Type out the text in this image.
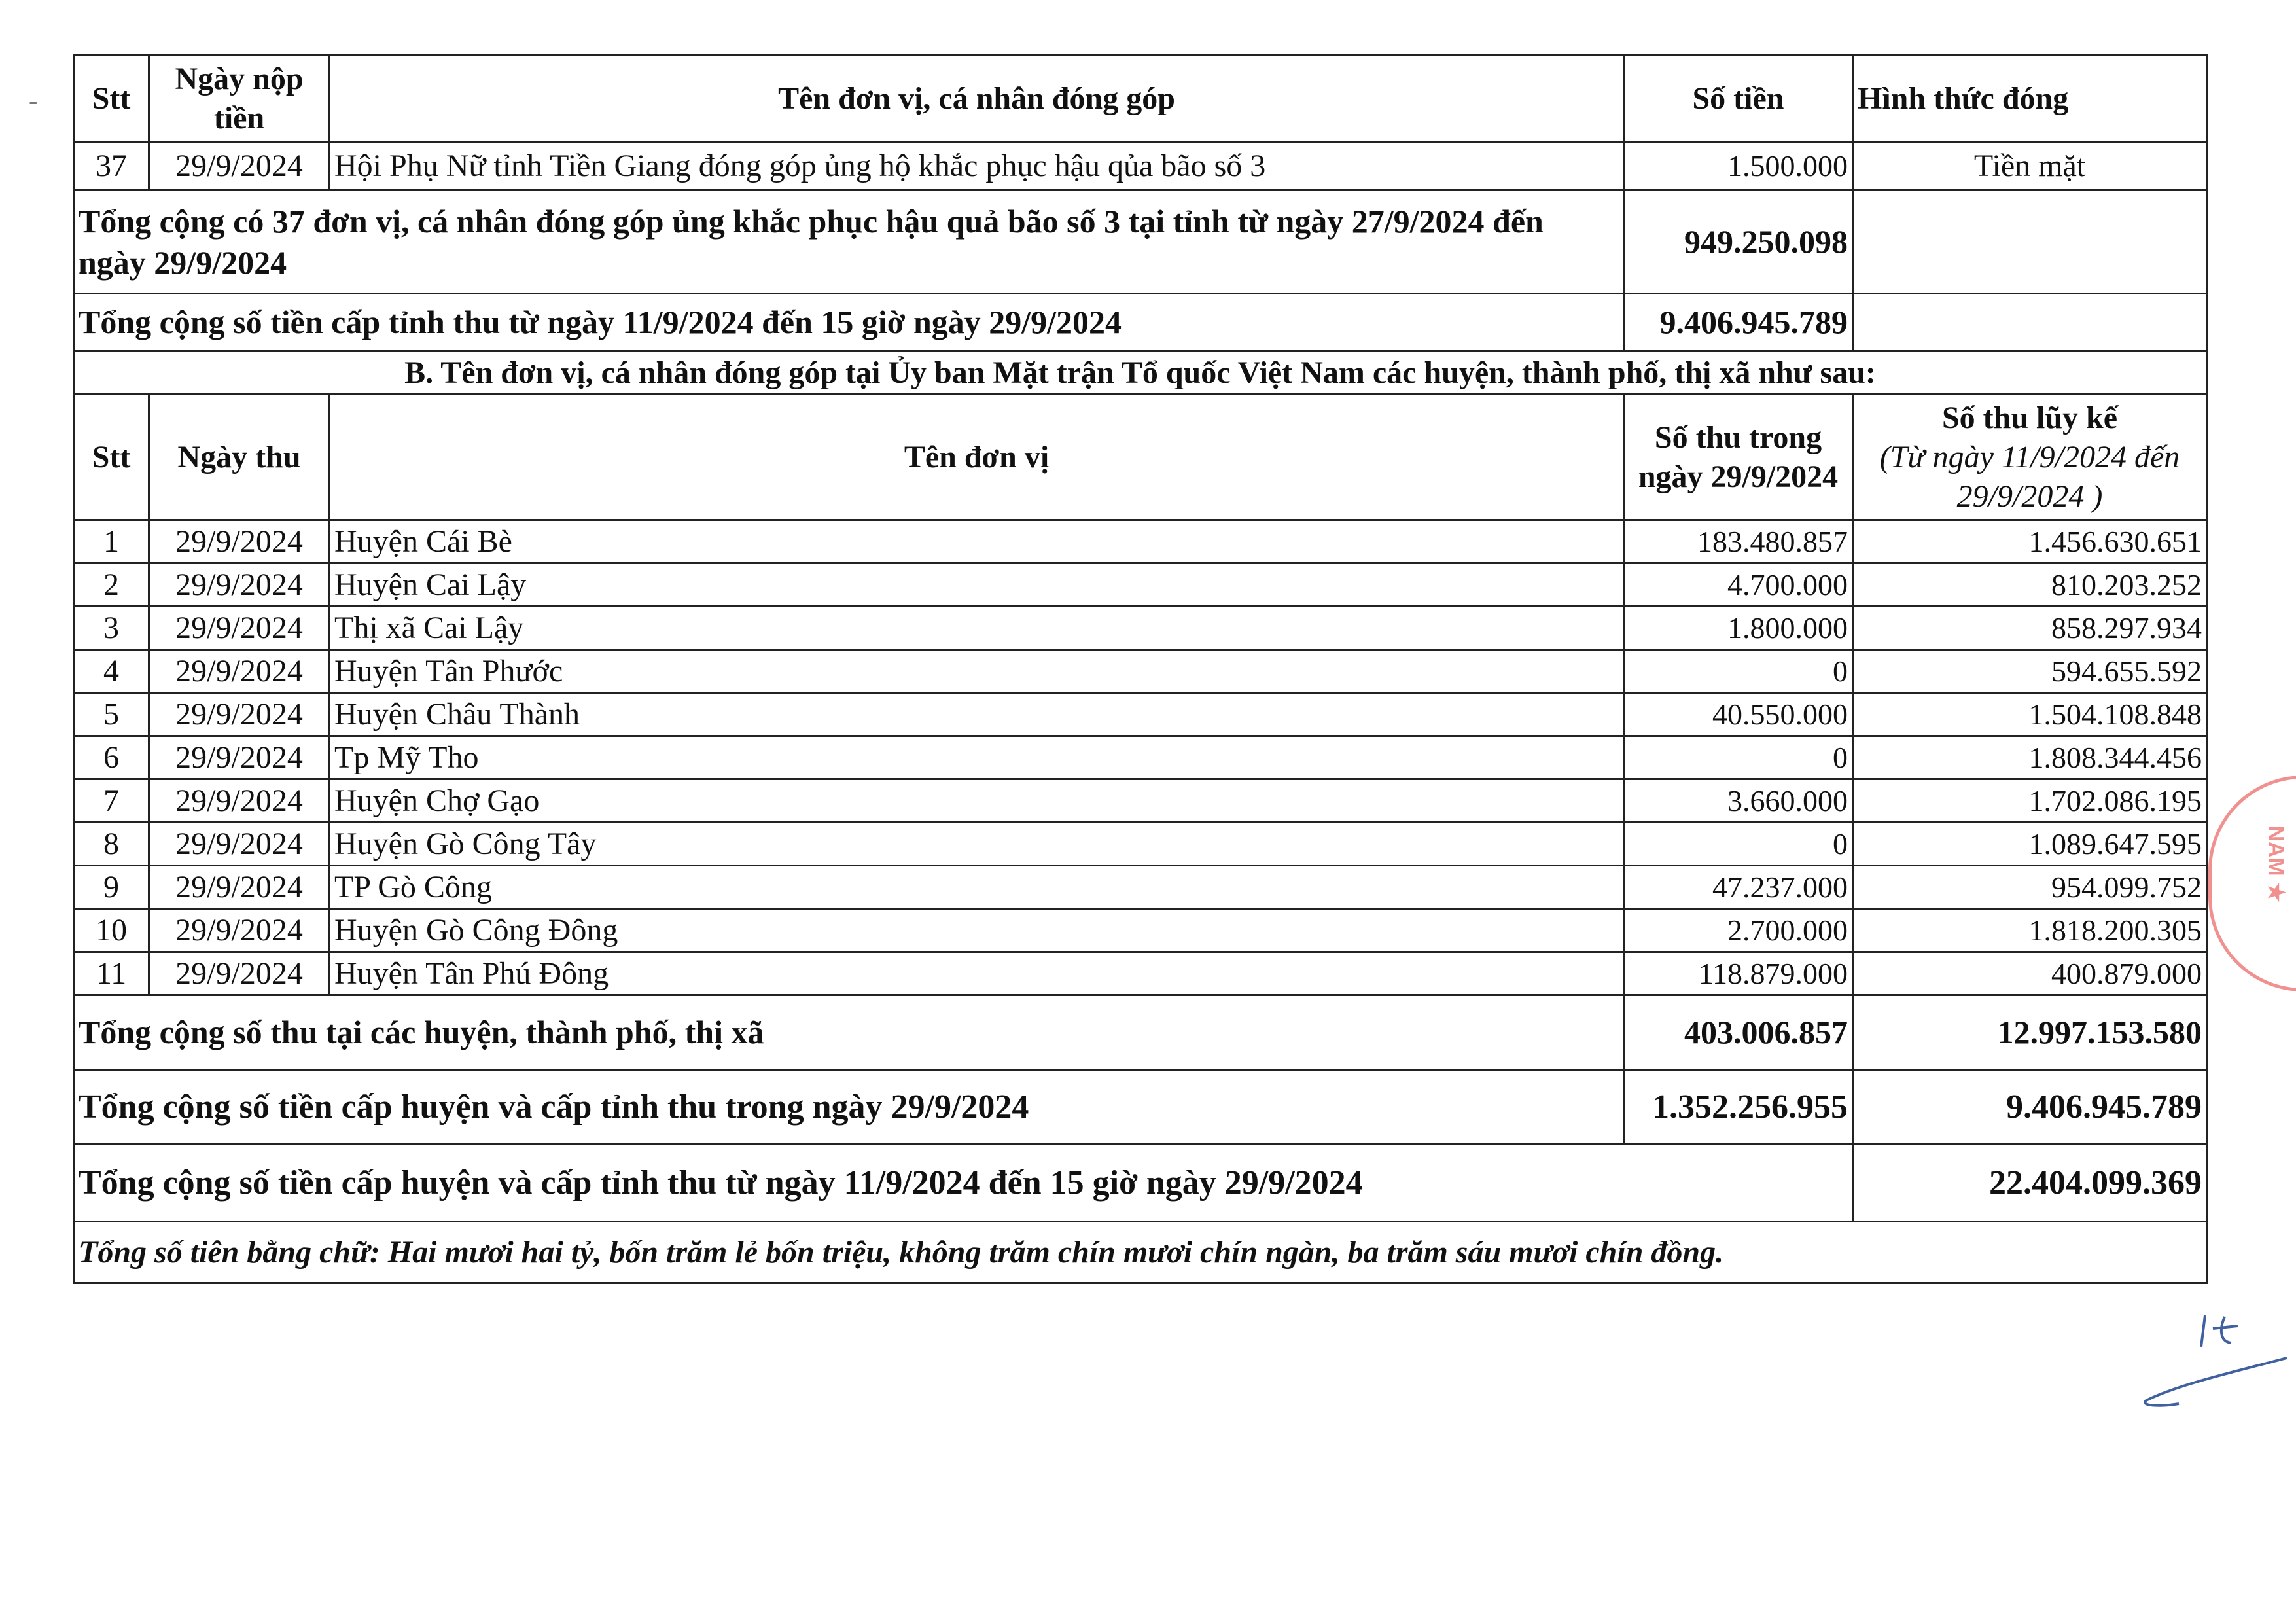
- Stt	Ngày nộp tiền	Tên đơn vị, cá nhân đóng góp	Số tiền	Hình thức đóng
37	29/9/2024	Hội Phụ Nữ tỉnh Tiền Giang đóng góp ủng hộ khắc phục hậu qủa bão số 3	1.500.000	Tiền mặt
Tổng cộng có 37 đơn vị, cá nhân đóng góp ủng khắc phục hậu quả bão số 3 tại tỉnh từ ngày 27/9/2024 đến ngày 29/9/2024			949.250.098	
Tổng cộng số tiền cấp tỉnh thu từ ngày 11/9/2024 đến 15 giờ ngày 29/9/2024			9.406.945.789	
B. Tên đơn vị, cá nhân đóng góp tại Ủy ban Mặt trận Tổ quốc Việt Nam các huyện, thành phố, thị xã như sau:				
Stt	Ngày thu	Tên đơn vị	Số thu trong ngày 29/9/2024	Số thu lũy kế
(Từ ngày 11/9/2024 đến 29/9/2024 )

1	29/9/2024	Huyện Cái Bè	183.480.857	1.456.630.651
2	29/9/2024	Huyện Cai Lậy	4.700.000	810.203.252
3	29/9/2024	Thị xã Cai Lậy	1.800.000	858.297.934
4	29/9/2024	Huyện Tân Phước	0	594.655.592
5	29/9/2024	Huyện Châu Thành	40.550.000	1.504.108.848
6	29/9/2024	Tp Mỹ Tho	0	1.808.344.456
7	29/9/2024	Huyện Chợ Gạo	3.660.000	1.702.086.195
8	29/9/2024	Huyện Gò Công Tây	0	1.089.647.595
9	29/9/2024	TP Gò Công	47.237.000	954.099.752
10	29/9/2024	Huyện Gò Công Đông	2.700.000	1.818.200.305
11	29/9/2024	Huyện Tân Phú Đông	118.879.000	400.879.000
Tổng cộng số thu tại các huyện, thành phố, thị xã			403.006.857	12.997.153.580
Tổng cộng số tiền cấp huyện và cấp tỉnh thu trong ngày 29/9/2024			1.352.256.955	9.406.945.789
Tổng cộng số tiền cấp huyện và cấp tỉnh thu từ ngày 11/9/2024 đến 15 giờ ngày 29/9/2024				22.404.099.369
Tổng số tiên bằng chữ: Hai mươi hai tỷ, bốn trăm lẻ bốn triệu, không trăm chín mươi chín ngàn, ba trăm sáu mươi chín đồng.				
NAM ★
